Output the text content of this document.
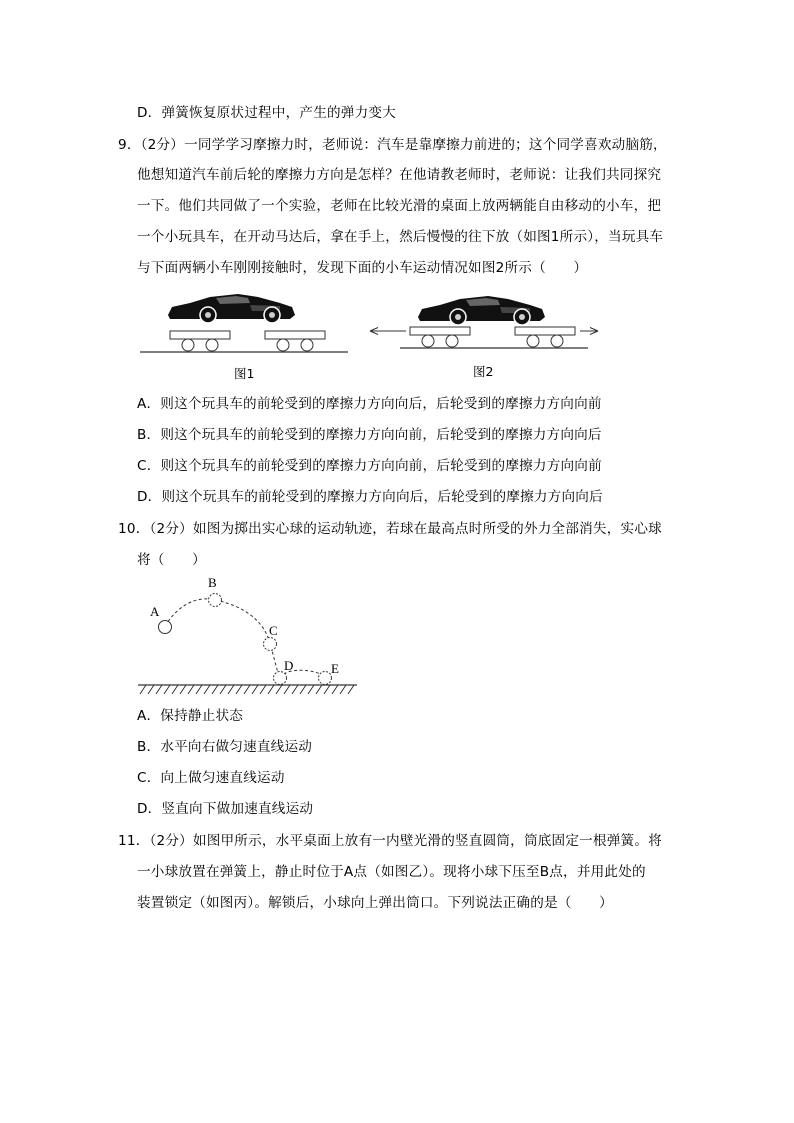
D．弹簧恢复原状过程中，产生的弹力变大
9．（2分）一同学学习摩擦力时，老师说：汽车是靠摩擦力前进的；这个同学喜欢动脑筋，
他想知道汽车前后轮的摩擦力方向是怎样？在他请教老师时，老师说：让我们共同探究
一下。他们共同做了一个实验，老师在比较光滑的桌面上放两辆能自由移动的小车，把
一个小玩具车，在开动马达后，拿在手上，然后慢慢的往下放（如图1所示），当玩具车
与下面两辆小车刚刚接触时，发现下面的小车运动情况如图2所示（　　）
图1	图2
A．则这个玩具车的前轮受到的摩擦力方向向后，后轮受到的摩擦力方向向前
B．则这个玩具车的前轮受到的摩擦力方向向前，后轮受到的摩擦力方向向后
C．则这个玩具车的前轮受到的摩擦力方向向前，后轮受到的摩擦力方向向前
D．则这个玩具车的前轮受到的摩擦力方向向后，后轮受到的摩擦力方向向后
10．（2分）如图为掷出实心球的运动轨迹，若球在最高点时所受的外力全部消失，实心球
将（　　）
A
B
C
D	E
A．保持静止状态
B．水平向右做匀速直线运动
C．向上做匀速直线运动
D．竖直向下做加速直线运动
11．（2分）如图甲所示，水平桌面上放有一内壁光滑的竖直圆筒，筒底固定一根弹簧。将
一小球放置在弹簧上，静止时位于A点（如图乙）。现将小球下压至B点，并用此处的
装置锁定（如图丙）。解锁后，小球向上弹出筒口。下列说法正确的是（　　）
